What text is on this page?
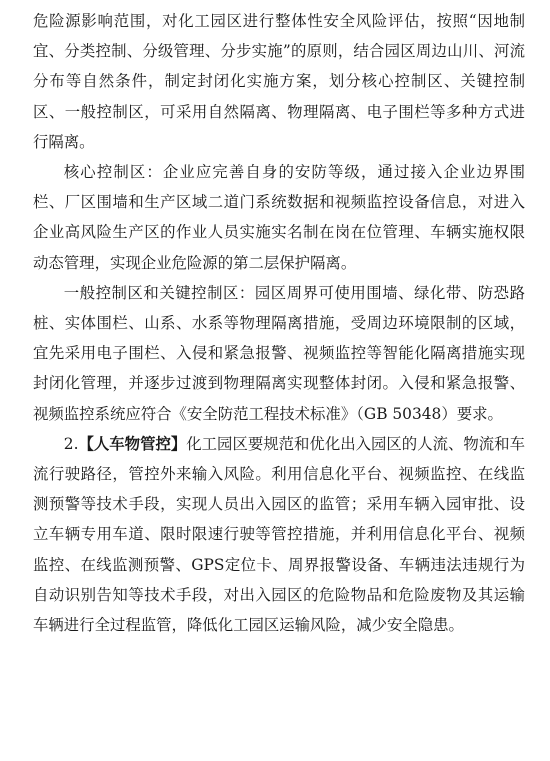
危险源影响范围，对化工园区进行整体性安全风险评估，按照“因地制宜、分类控制、分级管理、分步实施”的原则，结合园区周边山川、河流分布等自然条件，制定封闭化实施方案，划分核心控制区、关键控制区、一般控制区，可采用自然隔离、物理隔离、电子围栏等多种方式进行隔离。

核心控制区：企业应完善自身的安防等级，通过接入企业边界围栏、厂区围墙和生产区域二道门系统数据和视频监控设备信息，对进入企业高风险生产区的作业人员实施实名制在岗在位管理、车辆实施权限动态管理，实现企业危险源的第二层保护隔离。

一般控制区和关键控制区：园区周界可使用围墙、绿化带、防恐路桩、实体围栏、山系、水系等物理隔离措施，受周边环境限制的区域，宜先采用电子围栏、入侵和紧急报警、视频监控等智能化隔离措施实现封闭化管理，并逐步过渡到物理隔离实现整体封闭。入侵和紧急报警、视频监控系统应符合《安全防范工程技术标准》（GB 50348）要求。

2.【人车物管控】化工园区要规范和优化出入园区的人流、物流和车流行驶路径，管控外来输入风险。利用信息化平台、视频监控、在线监测预警等技术手段，实现人员出入园区的监管；采用车辆入园审批、设立车辆专用车道、限时限速行驶等管控措施，并利用信息化平台、视频监控、在线监测预警、GPS定位卡、周界报警设备、车辆违法违规行为自动识别告知等技术手段，对出入园区的危险物品和危险废物及其运输车辆进行全过程监管，降低化工园区运输风险，减少安全隐患。
